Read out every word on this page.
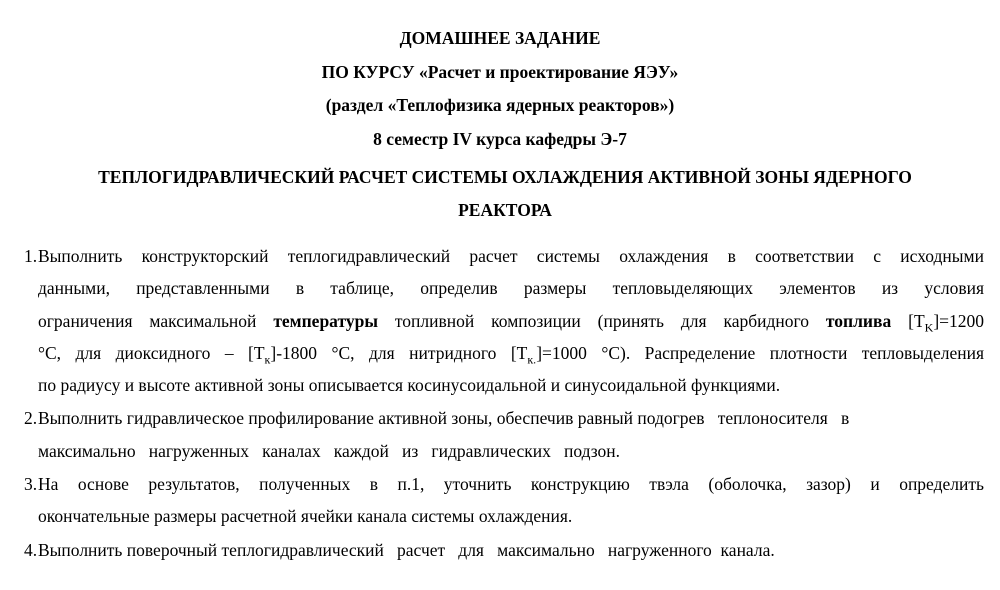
ДОМАШНЕЕ ЗАДАНИЕ
ПО КУРСУ «Расчет и проектирование ЯЭУ»
(раздел «Теплофизика ядерных реакторов»)
8 семестр IV курса кафедры Э-7
ТЕПЛОГИДРАВЛИЧЕСКИЙ РАСЧЕТ СИСТЕМЫ ОХЛАЖДЕНИЯ АКТИВНОЙ ЗОНЫ ЯДЕРНОГО
РЕАКТОРА
1. Выполнить конструкторский теплогидравлический расчет системы охлаждения в соответствии с исходными
данными, представленными в таблице, определив размеры тепловыделяющих элементов из условия
ограничения максимальной температуры топливной композиции (принять для карбидного топлива $[T_K]=1200$
°C, для диоксидного – $[T_к]-1800$ °C, для нитридного $[T_{к.}]=1000$ °C). Распределение плотности тепловыделения
по радиусу и высоте активной зоны описывается косинусоидальной и синусоидальной функциями.
2. Выполнить гидравлическое профилирование активной зоны, обеспечив равный подогрев   теплоносителя   в
максимально   нагруженных   каналах   каждой   из   гидравлических   подзон.
3. На основе результатов, полученных в п.1, уточнить конструкцию твэла (оболочка, зазор) и определить
окончательные размеры расчетной ячейки канала системы охлаждения.
4. Выполнить поверочный теплогидравлический   расчет   для   максимально   нагруженного  канала.
